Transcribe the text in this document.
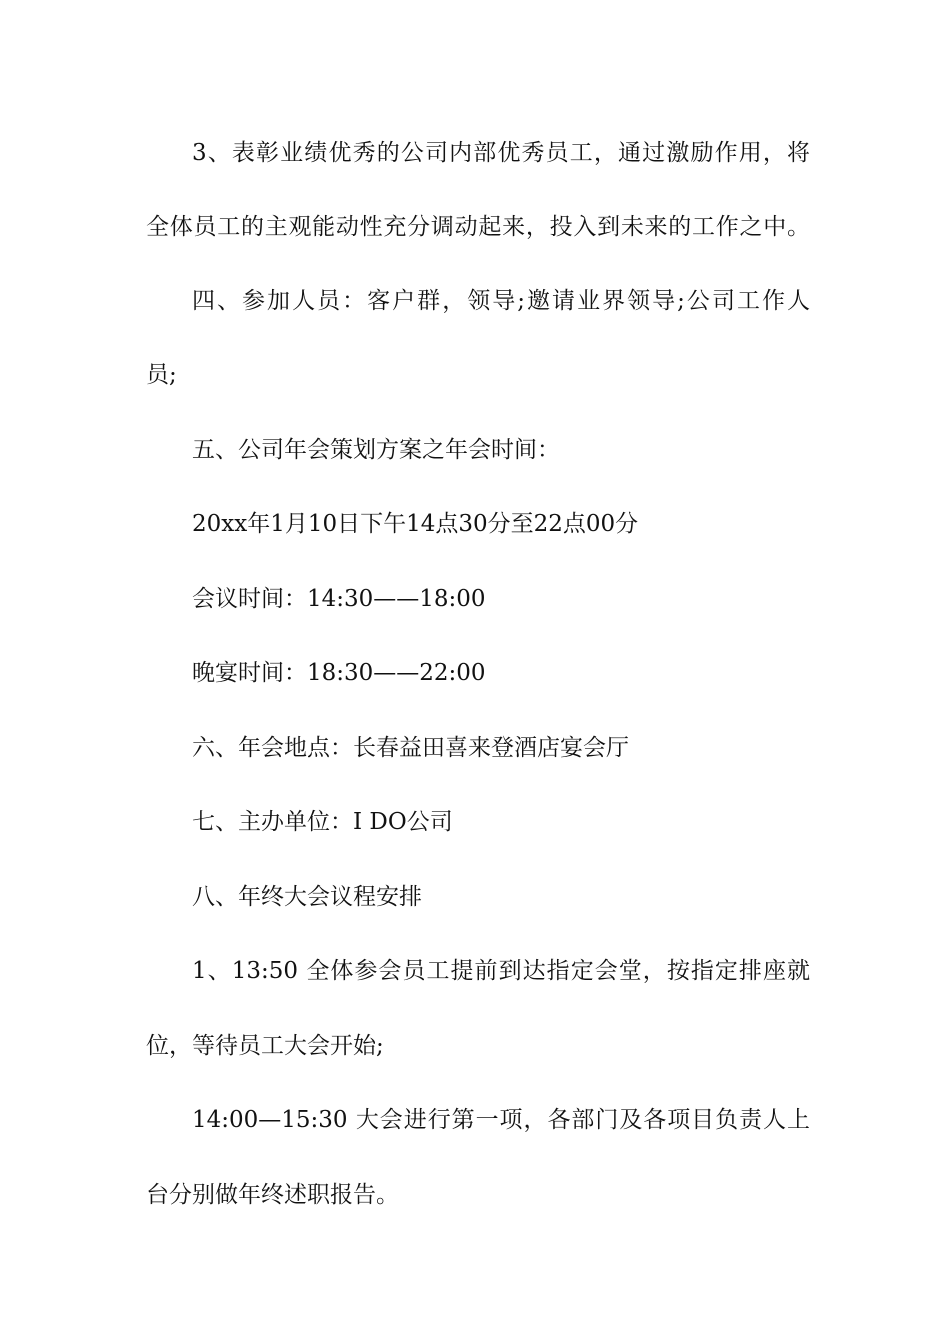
3、表彰业绩优秀的公司内部优秀员工，通过激励作用，将
全体员工的主观能动性充分调动起来，投入到未来的工作之中。
四、参加人员：客户群，领导;邀请业界领导;公司工作人
员;
五、公司年会策划方案之年会时间：
20xx年1月10日下午14点30分至22点00分
会议时间：14:30——18:00
晚宴时间：18:30——22:00
六、年会地点：长春益田喜来登酒店宴会厅
七、主办单位：I DO公司
八、年终大会议程安排
1、13:50 全体参会员工提前到达指定会堂，按指定排座就
位，等待员工大会开始;
14:00—15:30 大会进行第一项，各部门及各项目负责人上
台分别做年终述职报告。
